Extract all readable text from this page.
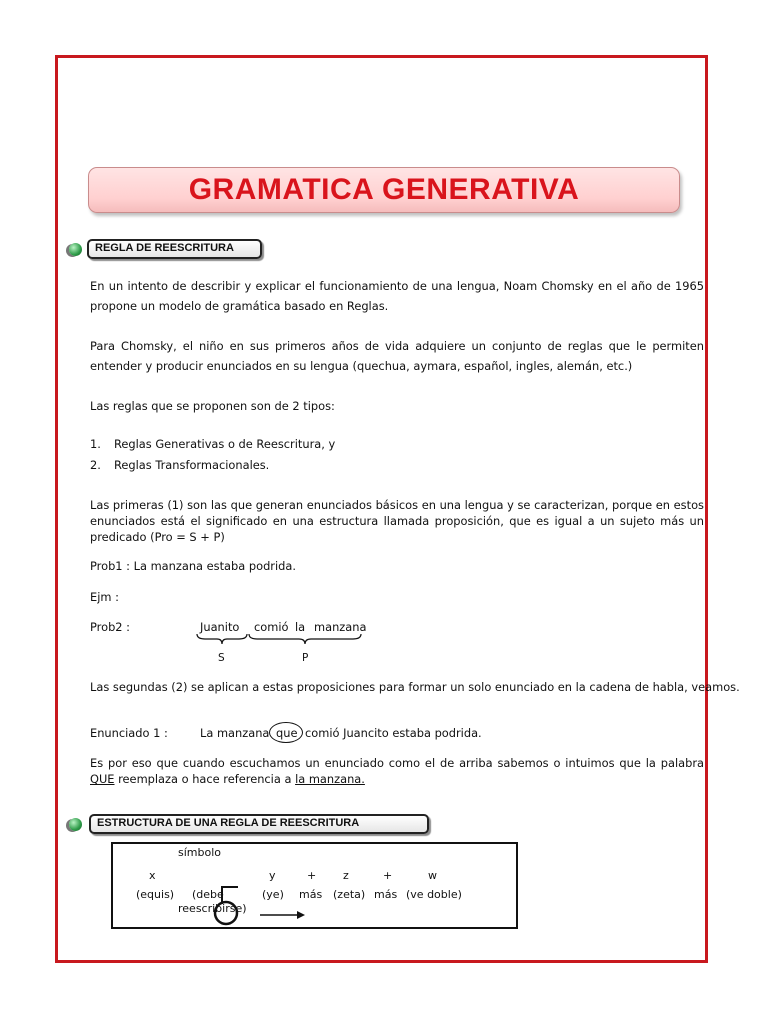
GRAMATICA GENERATIVA
REGLA DE REESCRITURA
En un intento de describir y explicar el funcionamiento de una lengua, Noam Chomsky en el año de 1965 propone un modelo de gramática basado en Reglas.
Para Chomsky, el niño en sus primeros años de vida adquiere un conjunto de reglas que le permiten entender y producir enunciados en su lengua (quechua, aymara, español, ingles, alemán, etc.)
Las reglas que se proponen son de 2 tipos:
1. Reglas Generativas o de Reescritura, y
2. Reglas Transformacionales.
Las primeras (1) son las que generan enunciados básicos en una lengua y se caracterizan, porque en estos enunciados está el significado en una estructura llamada proposición, que es igual a un sujeto más un predicado (Pro = S + P)
Prob1 : La manzana estaba podrida.
Ejm :
Prob2 :	Juanito comió la manzana
S	P
Las segundas (2) se aplican a estas proposiciones para formar un solo enunciado en la cadena de habla, veamos.
Enunciado 1 :	La manzana que comió Juancito estaba podrida.
Es por eso que cuando escuchamos un enunciado como el de arriba sabemos o intuimos que la palabra QUE reemplaza o hace referencia a la manzana.
ESTRUCTURA DE UNA REGLA DE REESCRITURA
símbolo
x	y	+ z	+	w
(equis) (debe	(ye) más (zeta) más (ve doble)
reescribirse)
